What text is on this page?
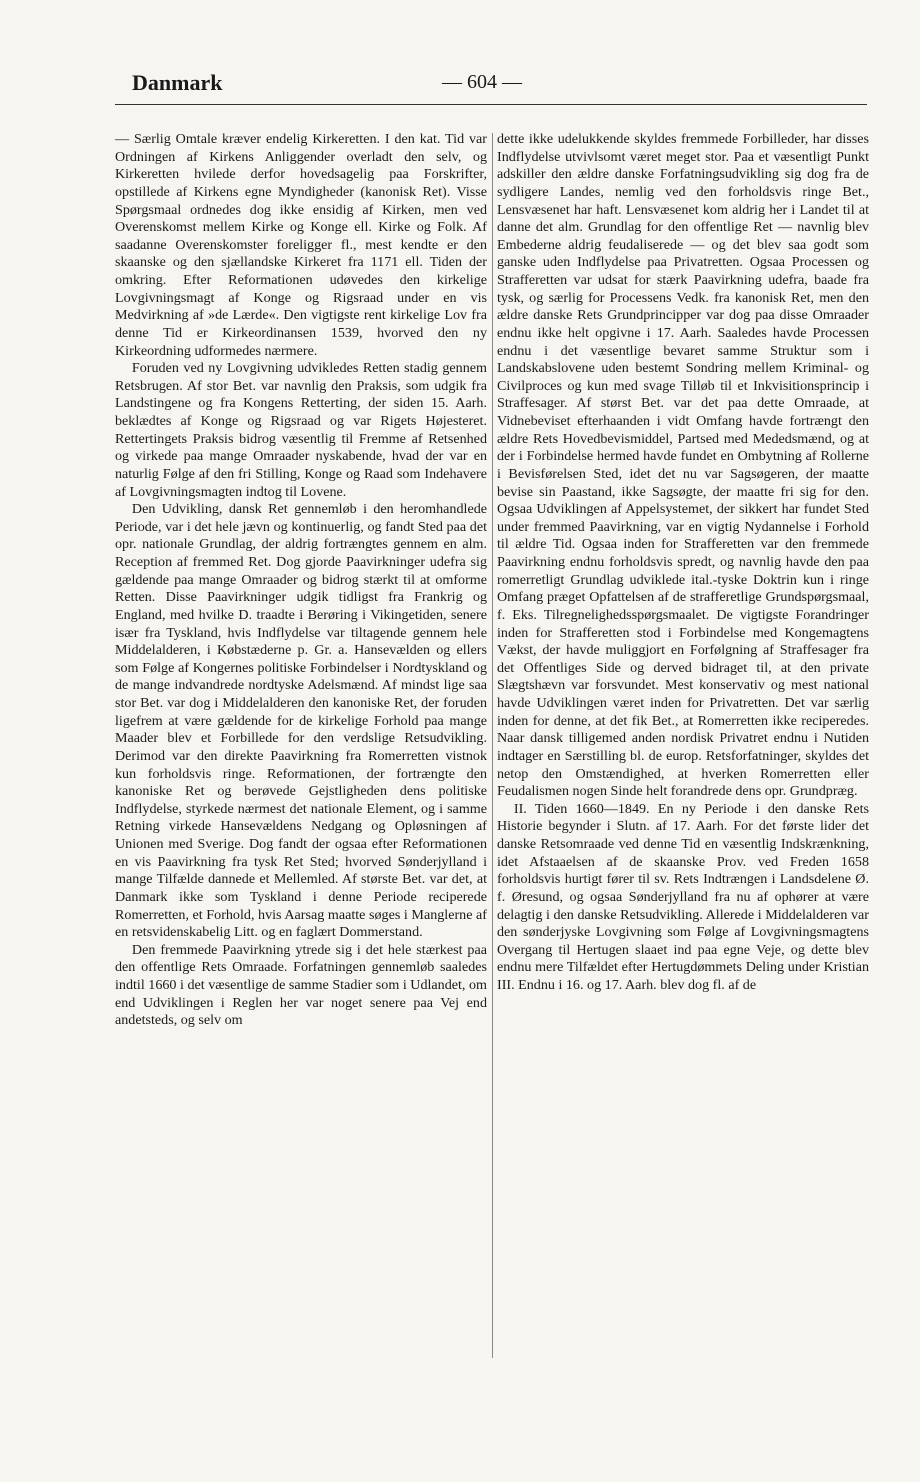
Danmark	— 604 —

— Særlig Omtale kræver endelig Kirkeretten. I den kat. Tid var Ordningen af Kirkens Anliggender overladt den selv, og Kirkeretten hvilede derfor hovedsagelig paa Forskrifter, opstillede af Kirkens egne Myndigheder (kanonisk Ret). Visse Spørgsmaal ordnedes dog ikke ensidig af Kirken, men ved Overenskomst mellem Kirke og Konge ell. Kirke og Folk. Af saadanne Overenskomster foreligger fl., mest kendte er den skaanske og den sjællandske Kirkeret fra 1171 ell. Tiden der omkring. Efter Reformationen udøvedes den kirkelige Lovgivningsmagt af Konge og Rigsraad under en vis Medvirkning af »de Lærde«. Den vigtigste rent kirkelige Lov fra denne Tid er Kirkeordinansen 1539, hvorved den ny Kirkeordning udformedes nærmere.

Foruden ved ny Lovgivning udvikledes Retten stadig gennem Retsbrugen. Af stor Bet. var navnlig den Praksis, som udgik fra Landstingene og fra Kongens Retterting, der siden 15. Aarh. beklædtes af Konge og Rigsraad og var Rigets Højesteret. Rettertingets Praksis bidrog væsentlig til Fremme af Retsenhed og virkede paa mange Omraader nyskabende, hvad der var en naturlig Følge af den fri Stilling, Konge og Raad som Indehavere af Lovgivningsmagten indtog til Lovene.

Den Udvikling, dansk Ret gennemløb i den heromhandlede Periode, var i det hele jævn og kontinuerlig, og fandt Sted paa det opr. nationale Grundlag, der aldrig fortrængtes gennem en alm. Reception af fremmed Ret. Dog gjorde Paavirkninger udefra sig gældende paa mange Omraader og bidrog stærkt til at omforme Retten. Disse Paavirkninger udgik tidligst fra Frankrig og England, med hvilke D. traadte i Berøring i Vikingetiden, senere især fra Tyskland, hvis Indflydelse var tiltagende gennem hele Middelalderen, i Købstæderne p. Gr. a. Hansevælden og ellers som Følge af Kongernes politiske Forbindelser i Nordtyskland og de mange indvandrede nordtyske Adelsmænd. Af mindst lige saa stor Bet. var dog i Middelalderen den kanoniske Ret, der foruden ligefrem at være gældende for de kirkelige Forhold paa mange Maader blev et Forbillede for den verdslige Retsudvikling. Derimod var den direkte Paavirkning fra Romerretten vistnok kun forholdsvis ringe. Reformationen, der fortrængte den kanoniske Ret og berøvede Gejstligheden dens politiske Indflydelse, styrkede nærmest det nationale Element, og i samme Retning virkede Hansevældens Nedgang og Opløsningen af Unionen med Sverige. Dog fandt der ogsaa efter Reformationen en vis Paavirkning fra tysk Ret Sted; hvorved Sønderjylland i mange Tilfælde dannede et Mellemled. Af største Bet. var det, at Danmark ikke som Tyskland i denne Periode reciperede Romerretten, et Forhold, hvis Aarsag maatte søges i Manglerne af en retsvidenskabelig Litt. og en faglært Dommerstand.

Den fremmede Paavirkning ytrede sig i det hele stærkest paa den offentlige Rets Omraade. Forfatningen gennemløb saaledes indtil 1660 i det væsentlige de samme Stadier som i Udlandet, om end Udviklingen i Reglen her var noget senere paa Vej end andetsteds, og selv om

dette ikke udelukkende skyldes fremmede Forbilleder, har disses Indflydelse utvivlsomt været meget stor. Paa et væsentligt Punkt adskiller den ældre danske Forfatningsudvikling sig dog fra de sydligere Landes, nemlig ved den forholdsvis ringe Bet., Lensvæsenet har haft. Lensvæsenet kom aldrig her i Landet til at danne det alm. Grundlag for den offentlige Ret — navnlig blev Embederne aldrig feudaliserede — og det blev saa godt som ganske uden Indflydelse paa Privatretten. Ogsaa Processen og Strafferetten var udsat for stærk Paavirkning udefra, baade fra tysk, og særlig for Processens Vedk. fra kanonisk Ret, men den ældre danske Rets Grundprincipper var dog paa disse Omraader endnu ikke helt opgivne i 17. Aarh. Saaledes havde Processen endnu i det væsentlige bevaret samme Struktur som i Landskabslovene uden bestemt Sondring mellem Kriminal- og Civilproces og kun med svage Tilløb til et Inkvisitionsprincip i Straffesager. Af størst Bet. var det paa dette Omraade, at Vidnebeviset efterhaanden i vidt Omfang havde fortrængt den ældre Rets Hovedbevismiddel, Partsed med Mededsmænd, og at der i Forbindelse hermed havde fundet en Ombytning af Rollerne i Bevisførelsen Sted, idet det nu var Sagsøgeren, der maatte bevise sin Paastand, ikke Sagsøgte, der maatte fri sig for den. Ogsaa Udviklingen af Appelsystemet, der sikkert har fundet Sted under fremmed Paavirkning, var en vigtig Nydannelse i Forhold til ældre Tid. Ogsaa inden for Strafferetten var den fremmede Paavirkning endnu forholdsvis spredt, og navnlig havde den paa romerretligt Grundlag udviklede ital.-tyske Doktrin kun i ringe Omfang præget Opfattelsen af de strafferetlige Grundspørgsmaal, f. Eks. Tilregnelighedsspørgsmaalet. De vigtigste Forandringer inden for Strafferetten stod i Forbindelse med Kongemagtens Vækst, der havde muliggjort en Forfølgning af Straffesager fra det Offentliges Side og derved bidraget til, at den private Slægtshævn var forsvundet. Mest konservativ og mest national havde Udviklingen været inden for Privatretten. Det var særlig inden for denne, at det fik Bet., at Romerretten ikke reciperedes. Naar dansk tilligemed anden nordisk Privatret endnu i Nutiden indtager en Særstilling bl. de europ. Retsforfatninger, skyldes det netop den Omstændighed, at hverken Romerretten eller Feudalismen nogen Sinde helt forandrede dens opr. Grundpræg.

II. Tiden 1660—1849. En ny Periode i den danske Rets Historie begynder i Slutn. af 17. Aarh. For det første lider det danske Retsomraade ved denne Tid en væsentlig Indskrænkning, idet Afstaaelsen af de skaanske Prov. ved Freden 1658 forholdsvis hurtigt fører til sv. Rets Indtrængen i Landsdelene Ø. f. Øresund, og ogsaa Sønderjylland fra nu af ophører at være delagtig i den danske Retsudvikling. Allerede i Middelalderen var den sønderjyske Lovgivning som Følge af Lovgivningsmagtens Overgang til Hertugen slaaet ind paa egne Veje, og dette blev endnu mere Tilfældet efter Hertugdømmets Deling under Kristian III. Endnu i 16. og 17. Aarh. blev dog fl. af de
